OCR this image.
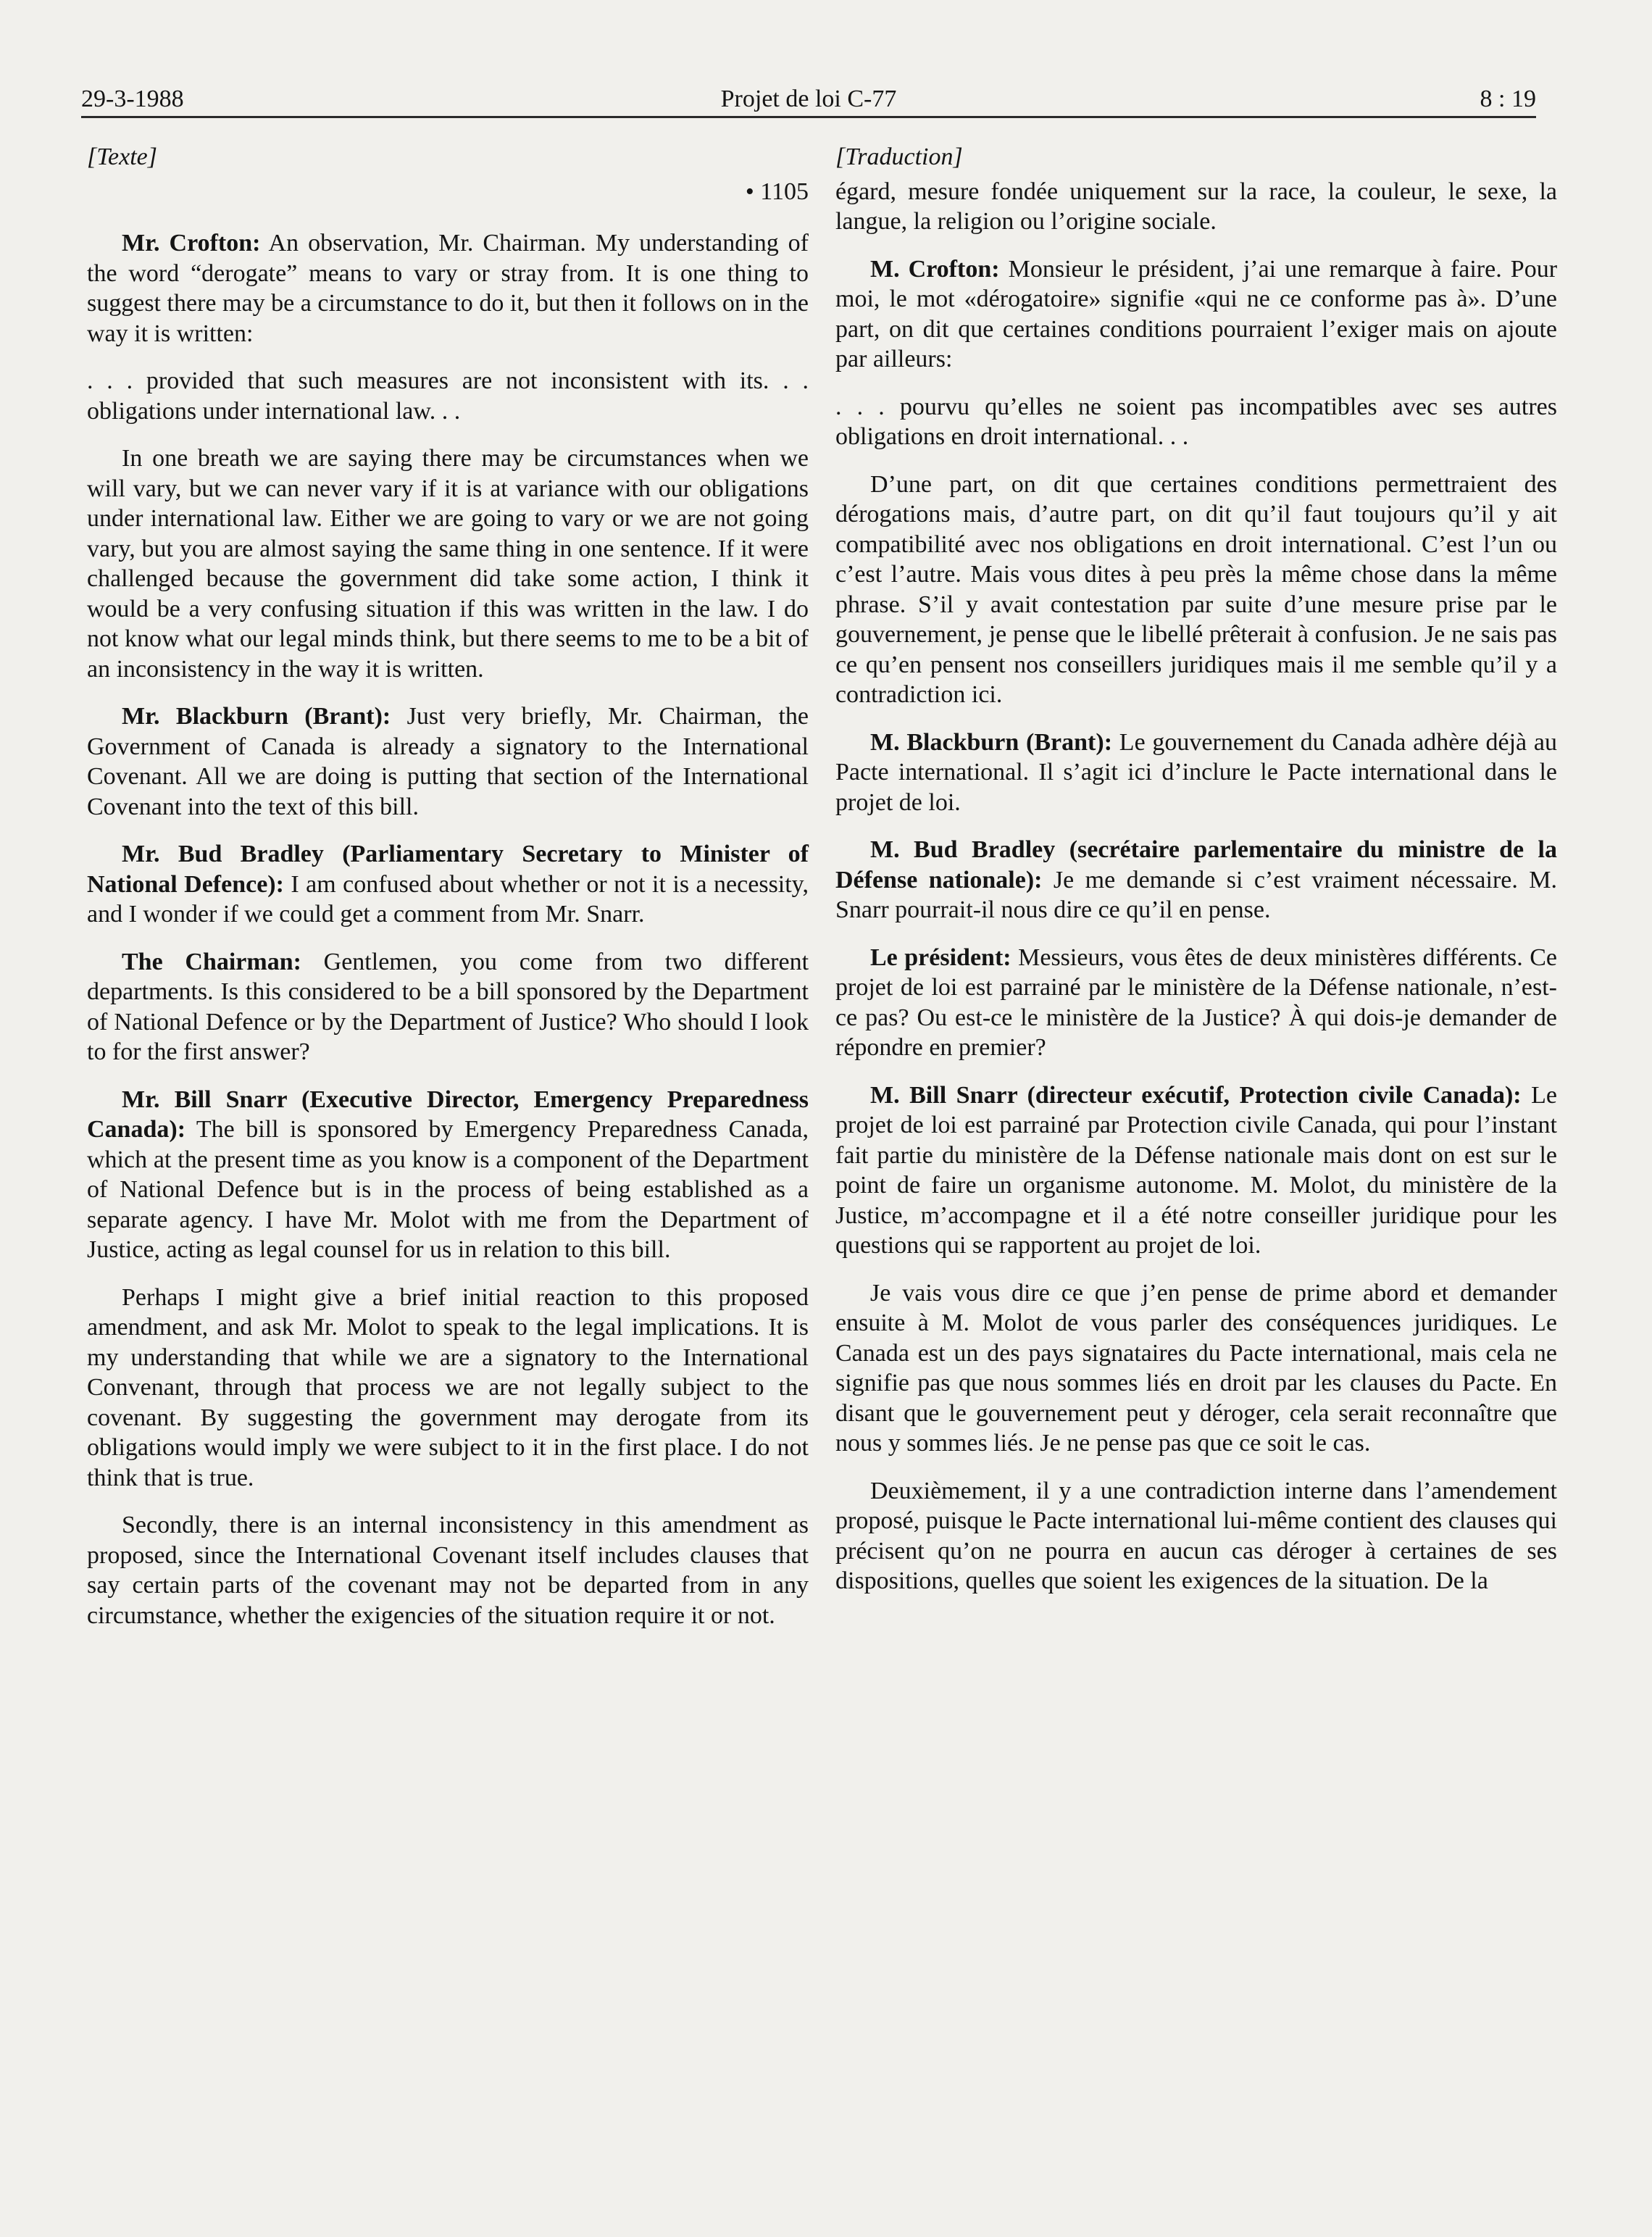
29-3-1988	Projet de loi C-77	8 : 19
[Texte]
• 1105

Mr. Crofton: An observation, Mr. Chairman. My understanding of the word “derogate” means to vary or stray from. It is one thing to suggest there may be a circumstance to do it, but then it follows on in the way it is written:

. . . provided that such measures are not inconsistent with its. . . obligations under international law. . .

In one breath we are saying there may be circumstances when we will vary, but we can never vary if it is at variance with our obligations under international law. Either we are going to vary or we are not going vary, but you are almost saying the same thing in one sentence. If it were challenged because the government did take some action, I think it would be a very confusing situation if this was written in the law. I do not know what our legal minds think, but there seems to me to be a bit of an inconsistency in the way it is written.

Mr. Blackburn (Brant): Just very briefly, Mr. Chairman, the Government of Canada is already a signatory to the International Covenant. All we are doing is putting that section of the International Covenant into the text of this bill.

Mr. Bud Bradley (Parliamentary Secretary to Minister of National Defence): I am confused about whether or not it is a necessity, and I wonder if we could get a comment from Mr. Snarr.

The Chairman: Gentlemen, you come from two different departments. Is this considered to be a bill sponsored by the Department of National Defence or by the Department of Justice? Who should I look to for the first answer?

Mr. Bill Snarr (Executive Director, Emergency Preparedness Canada): The bill is sponsored by Emergency Preparedness Canada, which at the present time as you know is a component of the Department of National Defence but is in the process of being established as a separate agency. I have Mr. Molot with me from the Department of Justice, acting as legal counsel for us in relation to this bill.

Perhaps I might give a brief initial reaction to this proposed amendment, and ask Mr. Molot to speak to the legal implications. It is my understanding that while we are a signatory to the International Convenant, through that process we are not legally subject to the covenant. By suggesting the government may derogate from its obligations would imply we were subject to it in the first place. I do not think that is true.

Secondly, there is an internal inconsistency in this amendment as proposed, since the International Covenant itself includes clauses that say certain parts of the covenant may not be departed from in any circumstance, whether the exigencies of the situation require it or not.

[Traduction]

égard, mesure fondée uniquement sur la race, la couleur, le sexe, la langue, la religion ou l’origine sociale.

M. Crofton: Monsieur le président, j’ai une remarque à faire. Pour moi, le mot «dérogatoire» signifie «qui ne ce conforme pas à». D’une part, on dit que certaines conditions pourraient l’exiger mais on ajoute par ailleurs:

. . . pourvu qu’elles ne soient pas incompatibles avec ses autres obligations en droit international. . .

D’une part, on dit que certaines conditions permettraient des dérogations mais, d’autre part, on dit qu’il faut toujours qu’il y ait compatibilité avec nos obligations en droit international. C’est l’un ou c’est l’autre. Mais vous dites à peu près la même chose dans la même phrase. S’il y avait contestation par suite d’une mesure prise par le gouvernement, je pense que le libellé prêterait à confusion. Je ne sais pas ce qu’en pensent nos conseillers juridiques mais il me semble qu’il y a contradiction ici.

M. Blackburn (Brant): Le gouvernement du Canada adhère déjà au Pacte international. Il s’agit ici d’inclure le Pacte international dans le projet de loi.

M. Bud Bradley (secrétaire parlementaire du ministre de la Défense nationale): Je me demande si c’est vraiment nécessaire. M. Snarr pourrait-il nous dire ce qu’il en pense.

Le président: Messieurs, vous êtes de deux ministères différents. Ce projet de loi est parrainé par le ministère de la Défense nationale, n’est-ce pas? Ou est-ce le ministère de la Justice? À qui dois-je demander de répondre en premier?

M. Bill Snarr (directeur exécutif, Protection civile Canada): Le projet de loi est parrainé par Protection civile Canada, qui pour l’instant fait partie du ministère de la Défense nationale mais dont on est sur le point de faire un organisme autonome. M. Molot, du ministère de la Justice, m’accompagne et il a été notre conseiller juridique pour les questions qui se rapportent au projet de loi.

Je vais vous dire ce que j’en pense de prime abord et demander ensuite à M. Molot de vous parler des conséquences juridiques. Le Canada est un des pays signataires du Pacte international, mais cela ne signifie pas que nous sommes liés en droit par les clauses du Pacte. En disant que le gouvernement peut y déroger, cela serait reconnaître que nous y sommes liés. Je ne pense pas que ce soit le cas.

Deuxièmement, il y a une contradiction interne dans l’amendement proposé, puisque le Pacte international lui-même contient des clauses qui précisent qu’on ne pourra en aucun cas déroger à certaines de ses dispositions, quelles que soient les exigences de la situation. De la
